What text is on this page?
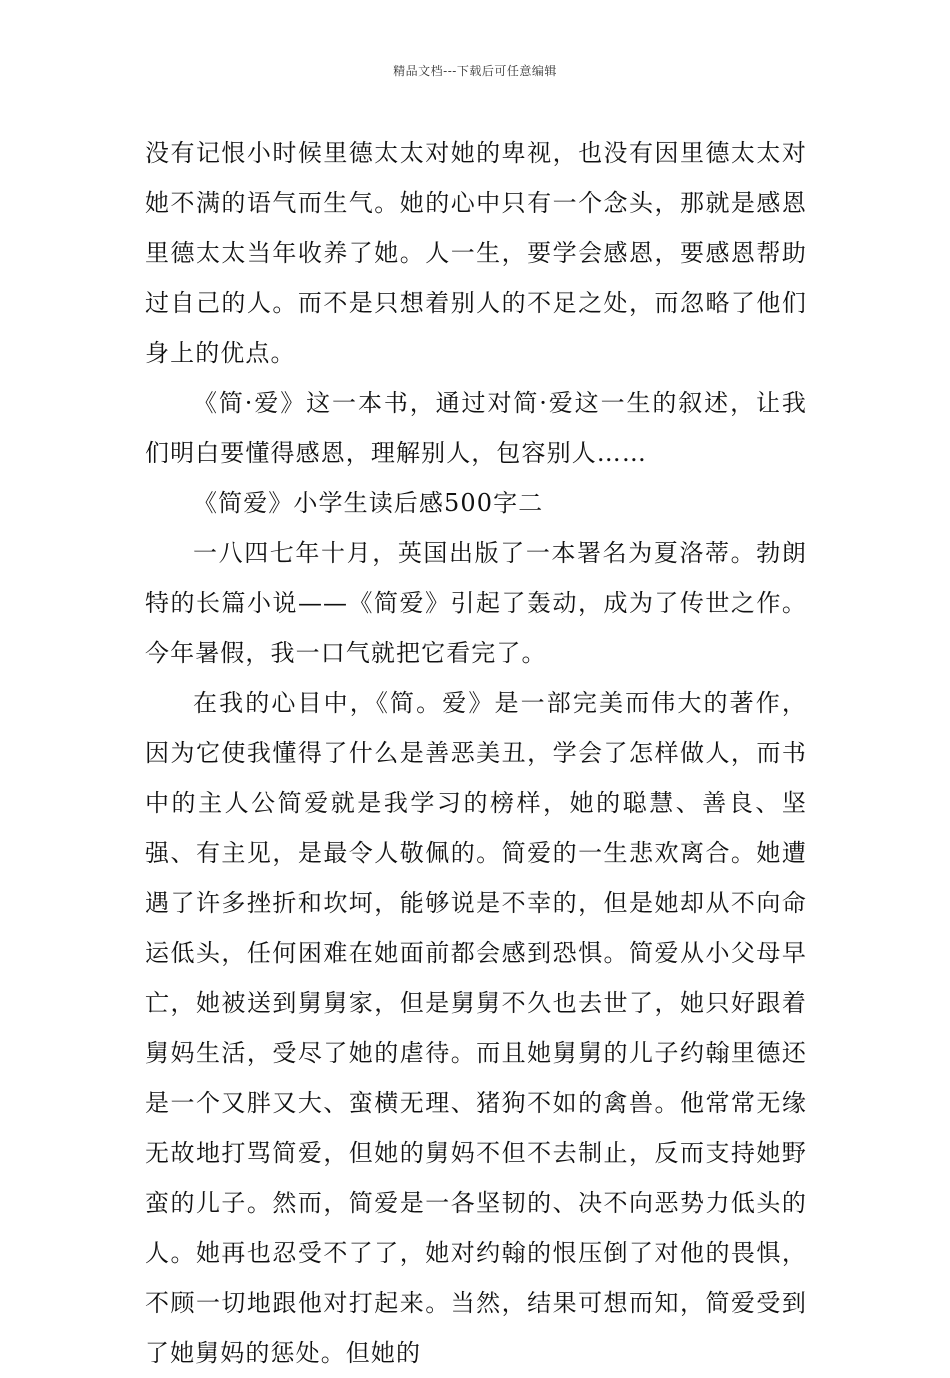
精品文档---下载后可任意编辑

没有记恨小时候里德太太对她的卑视，也没有因里德太太对她不满的语气而生气。她的心中只有一个念头，那就是感恩里德太太当年收养了她。人一生，要学会感恩，要感恩帮助过自己的人。而不是只想着别人的不足之处，而忽略了他们身上的优点。

《简·爱》这一本书，通过对简·爱这一生的叙述，让我们明白要懂得感恩，理解别人，包容别人……

《简爱》小学生读后感500字二

一八四七年十月，英国出版了一本署名为夏洛蒂。勃朗特的长篇小说——《简爱》引起了轰动，成为了传世之作。今年暑假，我一口气就把它看完了。

在我的心目中，《简。爱》是一部完美而伟大的著作，因为它使我懂得了什么是善恶美丑，学会了怎样做人，而书中的主人公简爱就是我学习的榜样，她的聪慧、善良、坚强、有主见，是最令人敬佩的。简爱的一生悲欢离合。她遭遇了许多挫折和坎坷，能够说是不幸的，但是她却从不向命运低头，任何困难在她面前都会感到恐惧。简爱从小父母早亡，她被送到舅舅家，但是舅舅不久也去世了，她只好跟着舅妈生活，受尽了她的虐待。而且她舅舅的儿子约翰里德还是一个又胖又大、蛮横无理、猪狗不如的禽兽。他常常无缘无故地打骂简爱，但她的舅妈不但不去制止，反而支持她野蛮的儿子。然而，简爱是一各坚韧的、决不向恶势力低头的人。她再也忍受不了了，她对约翰的恨压倒了对他的畏惧，不顾一切地跟他对打起来。当然，结果可想而知，简爱受到了她舅妈的惩处。但她的
